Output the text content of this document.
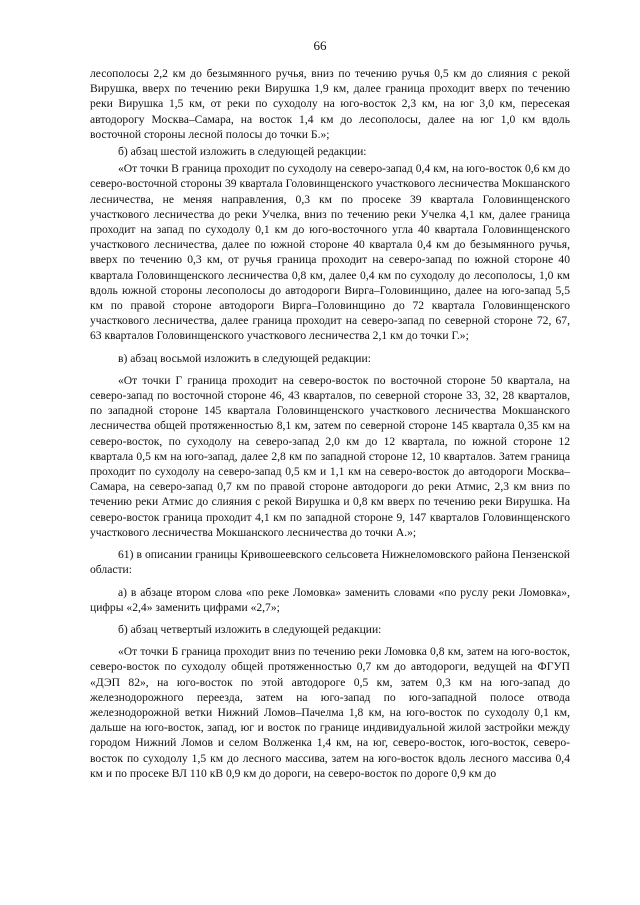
66

лесополосы 2,2 км до безымянного ручья, вниз по течению ручья 0,5 км до слияния с рекой Вирушка, вверх по течению реки Вирушка 1,9 км, далее граница проходит вверх по течению реки Вирушка 1,5 км, от реки по суходолу на юго-восток 2,3 км, на юг 3,0 км, пересекая автодорогу Москва–Самара, на восток 1,4 км до лесополосы, далее на юг 1,0 км вдоль восточной стороны лесной полосы до точки Б.»;

б) абзац шестой изложить в следующей редакции:

«От точки В граница проходит по суходолу на северо-запад 0,4 км, на юго-восток 0,6 км до северо-восточной стороны 39 квартала Головинщенского участкового лесничества Мокшанского лесничества, не меняя направления, 0,3 км по просеке 39 квартала Головинщенского участкового лесничества до реки Учелка, вниз по течению реки Учелка 4,1 км, далее граница проходит на запад по суходолу 0,1 км до юго-восточного угла 40 квартала Головинщенского участкового лесничества, далее по южной стороне 40 квартала 0,4 км до безымянного ручья, вверх по течению 0,3 км, от ручья граница проходит на северо-запад по южной стороне 40 квартала Головинщенского лесничества 0,8 км, далее 0,4 км по суходолу до лесополосы, 1,0 км вдоль южной стороны лесополосы до автодороги Вирга–Головинщино, далее на юго-запад 5,5 км по правой стороне автодороги Вирга–Головинщино до 72 квартала Головинщенского участкового лесничества, далее граница проходит на северо-запад по северной стороне 72, 67, 63 кварталов Головинщенского участкового лесничества 2,1 км до точки Г.»;

в) абзац восьмой изложить в следующей редакции:

«От точки Г граница проходит на северо-восток по восточной стороне 50 квартала, на северо-запад по восточной стороне 46, 43 кварталов, по северной стороне 33, 32, 28 кварталов, по западной стороне 145 квартала Головинщенского участкового лесничества Мокшанского лесничества общей протяженностью 8,1 км, затем по северной стороне 145 квартала 0,35 км на северо-восток, по суходолу на северо-запад 2,0 км до 12 квартала, по южной стороне 12 квартала 0,5 км на юго-запад, далее 2,8 км по западной стороне 12, 10 кварталов. Затем граница проходит по суходолу на северо-запад 0,5 км и 1,1 км на северо-восток до автодороги Москва–Самара, на северо-запад 0,7 км по правой стороне автодороги до реки Атмис, 2,3 км вниз по течению реки Атмис до слияния с рекой Вирушка и 0,8 км вверх по течению реки Вирушка. На северо-восток граница проходит 4,1 км по западной стороне 9, 147 кварталов Головинщенского участкового лесничества Мокшанского лесничества до точки А.»;

61) в описании границы Кривошеевского сельсовета Нижнеломовского района Пензенской области:

а) в абзаце втором слова «по реке Ломовка» заменить словами «по руслу реки Ломовка», цифры «2,4» заменить цифрами «2,7»;

б) абзац четвертый изложить в следующей редакции:

«От точки Б граница проходит вниз по течению реки Ломовка 0,8 км, затем на юго-восток, северо-восток по суходолу общей протяженностью 0,7 км до автодороги, ведущей на ФГУП «ДЭП 82», на юго-восток по этой автодороге 0,5 км, затем 0,3 км на юго-запад до железнодорожного переезда, затем на юго-запад по юго-западной полосе отвода железнодорожной ветки Нижний Ломов–Пачелма 1,8 км, на юго-восток по суходолу 0,1 км, дальше на юго-восток, запад, юг и восток по границе индивидуальной жилой застройки между городом Нижний Ломов и селом Волженка 1,4 км, на юг, северо-восток, юго-восток, северо-восток по суходолу 1,5 км до лесного массива, затем на юго-восток вдоль лесного массива 0,4 км и по просеке ВЛ 110 кВ 0,9 км до дороги, на северо-восток по дороге 0,9 км до
